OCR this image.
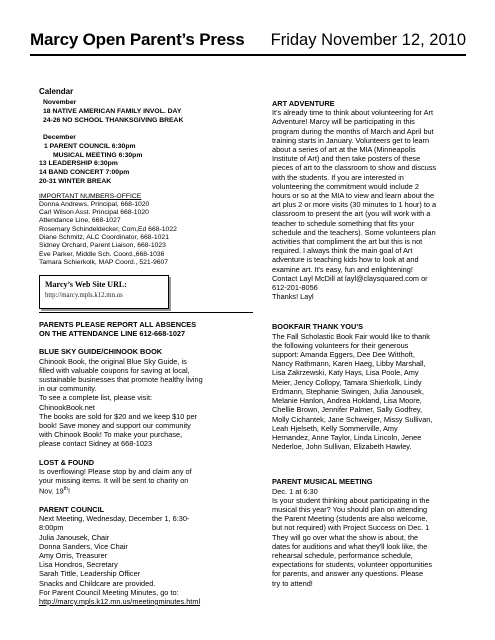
Marcy Open Parent’s Press Friday November 12, 2010
Calendar
November
18 NATIVE AMERICAN FAMILY INVOL. DAY
24-26 NO SCHOOL THANKSGIVING BREAK
December
1 PARENT COUNCIL 6:30pm
MUSICAL MEETING 6:30pm
13 LEADERSHIP 6:30pm
14 BAND CONCERT 7:00pm
20-31 WINTER BREAK
IMPORTANT NUMBERS-OFFICE
Donna Andrews, Principal, 668-1020
Carl Wilson Asst. Principal 668-1020
Attendance Line, 668-1027
Rosemary Schindeldecker, Com,Ed 668-1022
Diane Schmitz, ALC Coordinator, 668-1021
Sidney Orchard, Parent Liaison, 668-1023
Eve Parker, Middle Sch. Coord.,668-1036
Tamara Schierkolk, MAP Coord., 521-9607
Marcy’s Web Site URL:
http://marcy.mpls.k12.mn.us
PARENTS PLEASE REPORT ALL ABSENCES
ON THE ATTENDANCE LINE 612-668-1027
BLUE SKY GUIDE/CHINOOK BOOK
Chinook Book, the original Blue Sky Guide, is
filled with valuable coupons for saving at local,
sustainable businesses that promote healthy living
in our community.
To see a complete list, please visit:
ChinookBook.net
The books are sold for $20 and we keep $10 per
book! Save money and support our community
with Chinook Book! To make your purchase,
please contact Sidney at 668-1023
LOST & FOUND
Is overflowing! Please stop by and claim any of
your missing items. It will be sent to charity on
Nov. 19th!
PARENT COUNCIL
Next Meeting, Wednesday, December 1, 6:30-
8:00pm
Julia Janousek, Chair
Donna Sanders, Vice Chair
Amy Orris, Treasurer
Lisa Hondros, Secretary
Sarah Tittle, Leadership Officer
Snacks and Childcare are provided.
For Parent Council Meeting Minutes, go to:
http://marcy.mpls.k12.mn.us/meetingminutes.html
ART ADVENTURE
It's already time to think about volunteering for Art
Adventure! Marcy will be participating in this
program during the months of March and April but
training starts in January. Volunteers get to learn
about a series of art at the MIA (Minneapolis
Institute of Art) and then take posters of these
pieces of art to the classroom to show and discuss
with the students. If you are interested in
volunteering the commitment would include 2
hours or so at the MIA to view and learn about the
art plus 2 or more visits (30 minutes to 1 hour) to a
classroom to present the art (you will work with a
teacher to schedule something that fits your
schedule and the teachers). Some volunteers plan
activities that compliment the art but this is not
required. I always think the main goal of Art
adventure is teaching kids how to look at and
examine art. It's easy, fun and enlightening!
Contact Layl McDill at layl@claysquared.com or
612-201-8056
Thanks! Layl
BOOKFAIR THANK YOU'S
The Fall Scholastic Book Fair would like to thank
the following volunteers for their generous
support: Amanda Eggers, Dee Dee Witthoft,
Nancy Rathmann, Karen Haeg, Libby Marshall,
Lisa Zakrzewski, Katy Hays, Lisa Poole, Amy
Meier, Jency Collopy, Tamara Shierkolk, Lindy
Erdmann, Stephanie Swingen, Julia Janousek,
Melanie Hanlon, Andrea Hokland, Lisa Moore,
Chellie Brown, Jennifer Palmer, Sally Godfrey,
Molly Cichantek, Jane Schweiger, Missy Sullivan,
Leah Hjelseth, Kelly Sommerville, Amy
Hernandez, Anne Taylor, Linda Lincoln, Jenee
Nederloe, John Sullivan, Elizabeth Hawley.
PARENT MUSICAL MEETING
Dec. 1 at 6:30
Is your student thinking about participating in the
musical this year? You should plan on attending
the Parent Meeting (students are also welcome,
but not required) with Project Success on Dec. 1
They will go over what the show is about, the
dates for auditions and what they'll look like, the
rehearsal schedule, performance schedule,
expectations for students, volunteer opportunities
for parents, and answer any questions. Please
try to attend!
